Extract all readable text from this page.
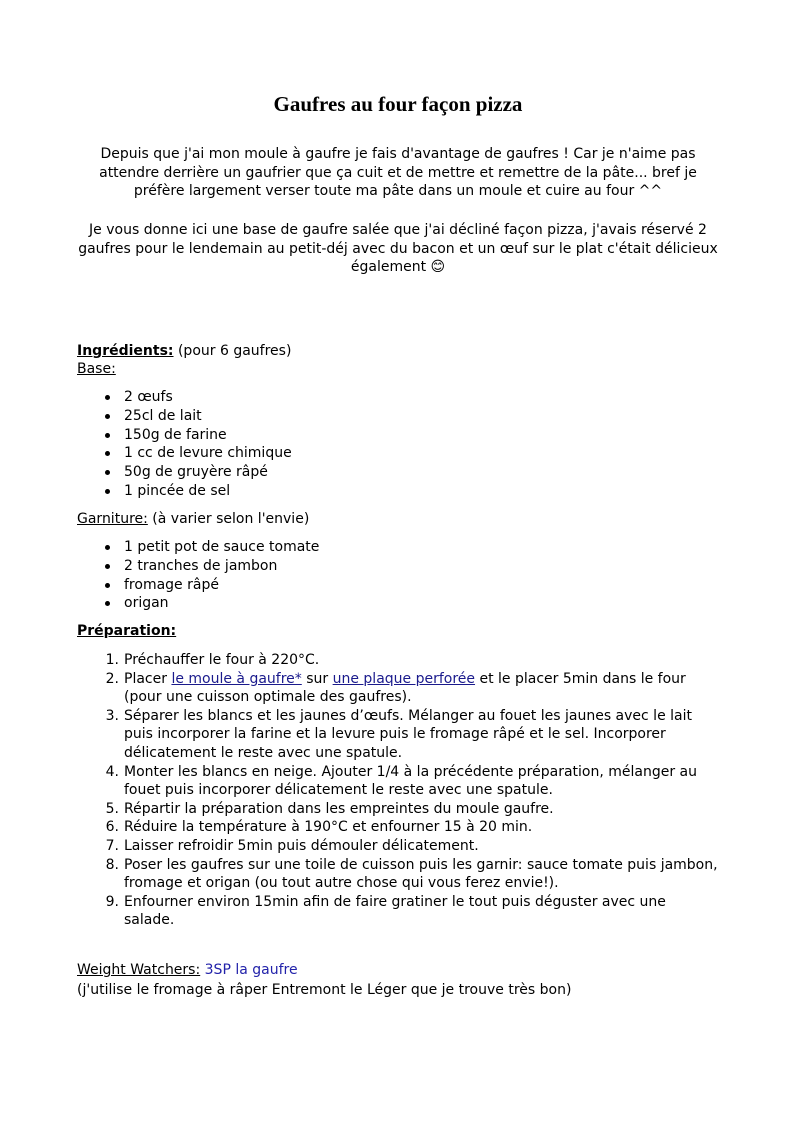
Gaufres au four façon pizza

Depuis que j'ai mon moule à gaufre je fais d'avantage de gaufres ! Car je n'aime pas attendre derrière un gaufrier que ça cuit et de mettre et remettre de la pâte... bref je préfère largement verser toute ma pâte dans un moule et cuire au four ^^

Je vous donne ici une base de gaufre salée que j'ai décliné façon pizza, j'avais réservé 2 gaufres pour le lendemain au petit-déj avec du bacon et un œuf sur le plat c'était délicieux également 😊

Ingrédients: (pour 6 gaufres)

Base:

2 œufs
25cl de lait
150g de farine
1 cc de levure chimique
50g de gruyère râpé
1 pincée de sel

Garniture: (à varier selon l'envie)

1 petit pot de sauce tomate
2 tranches de jambon
fromage râpé
origan

Préparation:

1. Préchauffer le four à 220°C.
2. Placer le moule à gaufre* sur une plaque perforée et le placer 5min dans le four (pour une cuisson optimale des gaufres).
3. Séparer les blancs et les jaunes d’œufs. Mélanger au fouet les jaunes avec le lait puis incorporer la farine et la levure puis le fromage râpé et le sel. Incorporer délicatement le reste avec une spatule.
4. Monter les blancs en neige. Ajouter 1/4 à la précédente préparation, mélanger au fouet puis incorporer délicatement le reste avec une spatule.
5. Répartir la préparation dans les empreintes du moule gaufre.
6. Réduire la température à 190°C et enfourner 15 à 20 min.
7. Laisser refroidir 5min puis démouler délicatement.
8. Poser les gaufres sur une toile de cuisson puis les garnir: sauce tomate puis jambon, fromage et origan (ou tout autre chose qui vous ferez envie!).
9. Enfourner environ 15min afin de faire gratiner le tout puis déguster avec une salade.

Weight Watchers: 3SP la gaufre

(j'utilise le fromage à râper Entremont le Léger que je trouve très bon)
